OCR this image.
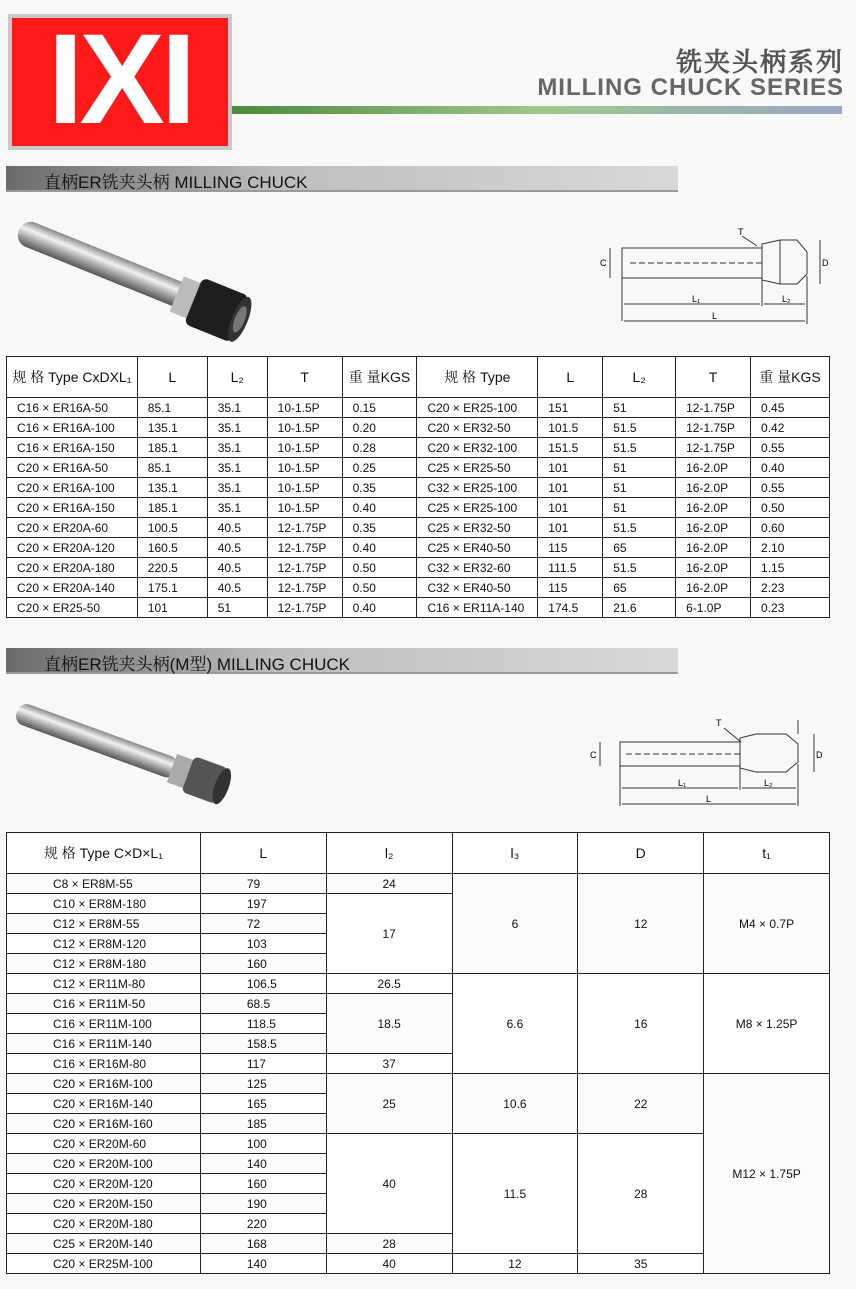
IXI	铣夹头柄系列
MILLING CHUCK SERIES
直柄ER铣夹头柄 MILLING CHUCK
T
C	D
L₁	L₂
L
规 格 Type CxDXL₁	L	L₂	T	重 量KGS	规 格 Type	L	L₂	T	重 量KGS
C16 × ER16A-50	85.1	35.1	10-1.5P	0.15	C20 × ER25-100	151	51	12-1.75P	0.45
C16 × ER16A-100	135.1	35.1	10-1.5P	0.20	C20 × ER32-50	101.5	51.5	12-1.75P	0.42
C16 × ER16A-150	185.1	35.1	10-1.5P	0.28	C20 × ER32-100	151.5	51.5	12-1.75P	0.55
C20 × ER16A-50	85.1	35.1	10-1.5P	0.25	C25 × ER25-50	101	51	16-2.0P	0.40
C20 × ER16A-100	135.1	35.1	10-1.5P	0.35	C32 × ER25-100	101	51	16-2.0P	0.55
C20 × ER16A-150	185.1	35.1	10-1.5P	0.40	C25 × ER25-100	101	51	16-2.0P	0.50
C20 × ER20A-60	100.5	40.5	12-1.75P	0.35	C25 × ER32-50	101	51.5	16-2.0P	0.60
C20 × ER20A-120	160.5	40.5	12-1.75P	0.40	C25 × ER40-50	115	65	16-2.0P	2.10
C20 × ER20A-180	220.5	40.5	12-1.75P	0.50	C32 × ER32-60	111.5	51.5	16-2.0P	1.15
C20 × ER20A-140	175.1	40.5	12-1.75P	0.50	C32 × ER40-50	115	65	16-2.0P	2.23
C20 × ER25-50	101	51	12-1.75P	0.40	C16 × ER11A-140	174.5	21.6	6-1.0P	0.23
直柄ER铣夹头柄(M型) MILLING CHUCK
T
C	D
L₁	L₂
L
规 格 Type C×D×L₁	L	l₂	l₃	D	t₁
C8 × ER8M-55	79	24	6	12	M4 × 0.7P
C10 × ER8M-180	197	17			
C12 × ER8M-55	72				
C12 × ER8M-120	103				
C12 × ER8M-180	160				
C12 × ER11M-80	106.5	26.5	6.6	16	M8 × 1.25P
C16 × ER11M-50	68.5	18.5			
C16 × ER11M-100	118.5				
C16 × ER11M-140	158.5				
C16 × ER16M-80	117	37			
C20 × ER16M-100	125	25	10.6	22	M12 × 1.75P
C20 × ER16M-140	165				
C20 × ER16M-160	185				
C20 × ER20M-60	100	40	11.5	28	
C20 × ER20M-100	140				
C20 × ER20M-120	160				
C20 × ER20M-150	190				
C20 × ER20M-180	220				
C25 × ER20M-140	168	28			
C20 × ER25M-100	140	40	12	35	
